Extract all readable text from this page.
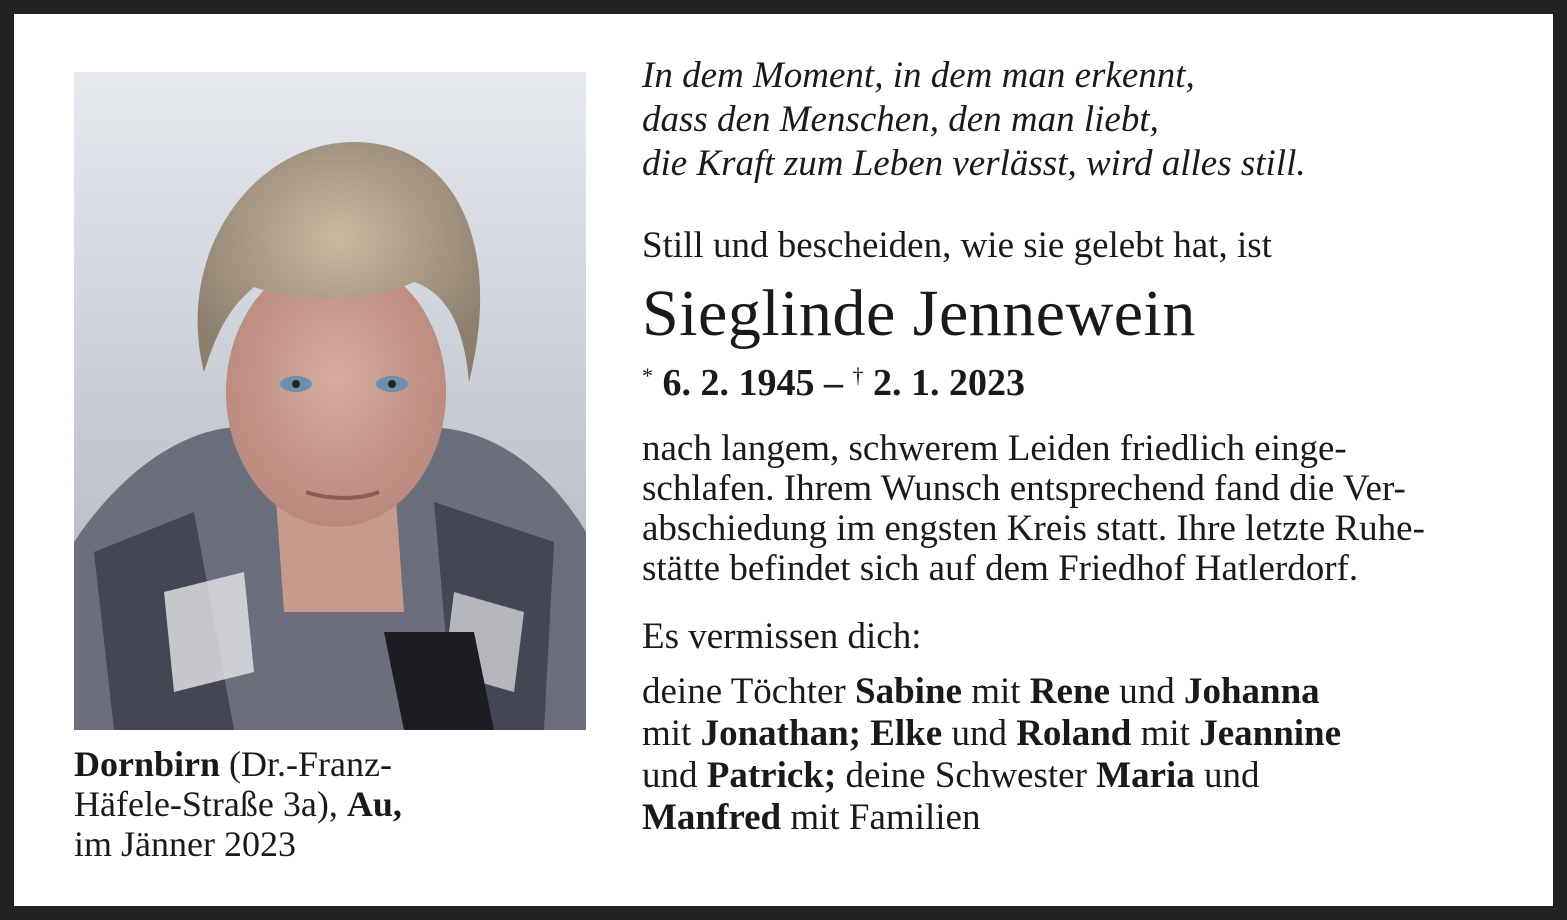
Dornbirn (Dr.-Franz-
Häfele-Straße 3a), Au,
im Jänner 2023

In dem Moment, in dem man erkennt,
dass den Menschen, den man liebt,
die Kraft zum Leben verlässt, wird alles still.

Still und bescheiden, wie sie gelebt hat, ist

Sieglinde Jennewein

* 6. 2. 1945 – † 2. 1. 2023

nach langem, schwerem Leiden friedlich einge-
schlafen. Ihrem Wunsch entsprechend fand die Ver-
abschiedung im engsten Kreis statt. Ihre letzte Ruhe-
stätte befindet sich auf dem Friedhof Hatlerdorf.

Es vermissen dich:

deine Töchter Sabine mit Rene und Johanna
mit Jonathan; Elke und Roland mit Jeannine
und Patrick; deine Schwester Maria und
Manfred mit Familien
